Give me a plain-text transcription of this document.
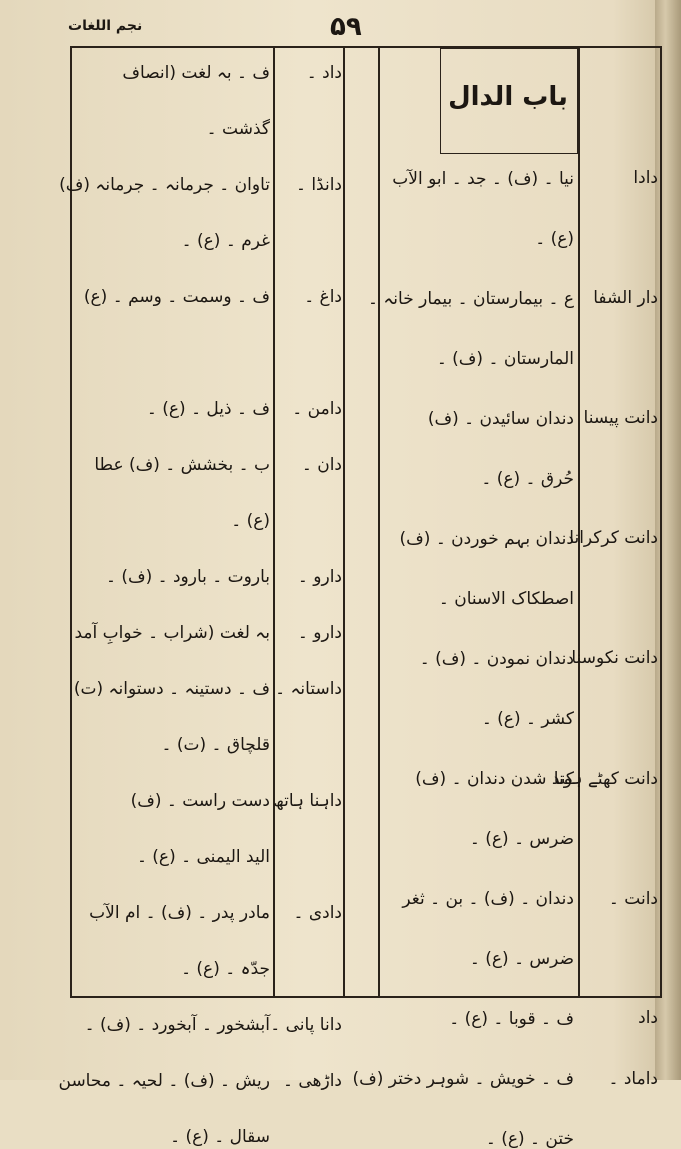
نجم اللغات	۵۹
باب الدال
دادا
نیا ۔ (ف) ۔ جد ۔ ابو الآب
(ع) ۔
دار الشفا
ع ۔ بیمارستان ۔ بیمار خانہ ۔
المارستان ۔ (ف) ۔
دانت پیسنا
دندان سائیدن ۔ (ف)
حُرق ۔ (ع) ۔
دانت کرکرانا
دندان بہم خوردن ۔ (ف)
اصطکاک الاسنان ۔
دانت نکوسنا
دندان نمودن ۔ (ف) ۔
کشر ۔ (ع) ۔
دانت کھٹے ہونا
کند شدن دندان ۔ (ف)
ضرس ۔ (ع) ۔
دانت ۔
دندان ۔ (ف) ۔ بن ۔ ثغر
ضرس ۔ (ع) ۔
داد
ف ۔ قوبا ۔ (ع) ۔
داماد ۔
ف ۔ خویش ۔ شوہر دختر (ف)
ختن ۔ (ع) ۔
داد ۔
ف ۔ بہ لغت (انصاف
گذشت ۔
دانڈا ۔
تاوان ۔ جرمانہ ۔ جرمانہ (ف)
غرم ۔ (ع) ۔
داغ ۔
ف ۔ وسمت ۔ وسم ۔ (ع)
دامن ۔
ف ۔ ذیل ۔ (ع) ۔
دان ۔
ب ۔ بخشش ۔ (ف) عطا
(ع) ۔
دارو ۔
باروت ۔ بارود ۔ (ف) ۔
دارو ۔
بہ لغت (شراب ۔ خوابِ آمد
داستانہ ۔
ف ۔ دستینہ ۔ دستوانہ (ت)
قلچاق ۔ (ت) ۔
داہنا ہاتھ
دست راست ۔ (ف)
الید الیمنی ۔ (ع) ۔
دادی ۔
مادر پدر ۔ (ف) ۔ ام الآب
جدّہ ۔ (ع) ۔
دانا پانی ۔
آبشخور ۔ آبخورد ۔ (ف) ۔
داڑھی ۔
ریش ۔ (ف) ۔ لحیہ ۔ محاسن
سقال ۔ (ع) ۔
